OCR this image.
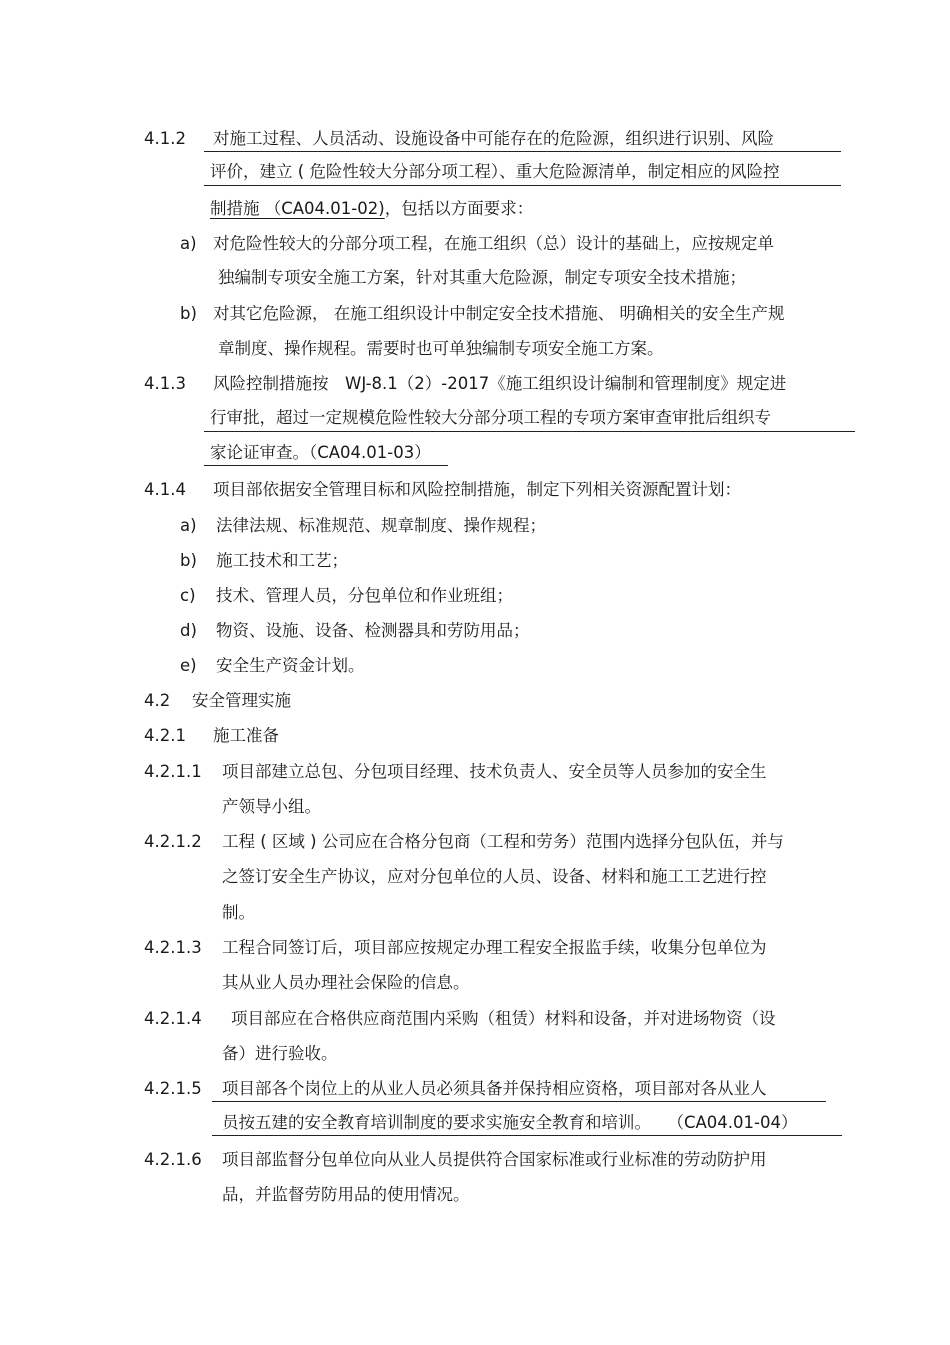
4.1.2 对施工过程、人员活动、设施设备中可能存在的危险源，组织进行识别、风险
评价，建立 ( 危险性较大分部分项工程）、重大危险源清单，制定相应的风险控
制措施 （CA04.01-02)，包括以方面要求：
a) 对危险性较大的分部分项工程，在施工组织（总）设计的基础上，应按规定单
独编制专项安全施工方案，针对其重大危险源，制定专项安全技术措施；
b) 对其它危险源， 在施工组织设计中制定安全技术措施、 明确相关的安全生产规
章制度、操作规程。需要时也可单独编制专项安全施工方案。
4.1.3 风险控制措施按　WJ-8.1（2）-2017《施工组织设计编制和管理制度》规定进
行审批，超过一定规模危险性较大分部分项工程的专项方案审查审批后组织专
家论证审查。（CA04.01-03）
4.1.4 项目部依据安全管理目标和风险控制措施，制定下列相关资源配置计划：
a) 法律法规、标准规范、规章制度、操作规程；
b) 施工技术和工艺；
c) 技术、管理人员，分包单位和作业班组；
d) 物资、设施、设备、检测器具和劳防用品；
e) 安全生产资金计划。
4.2 安全管理实施
4.2.1 施工准备
4.2.1.1 项目部建立总包、分包项目经理、技术负责人、安全员等人员参加的安全生
产领导小组。
4.2.1.2 工程 ( 区域 ) 公司应在合格分包商（工程和劳务）范围内选择分包队伍，并与
之签订安全生产协议，应对分包单位的人员、设备、材料和施工工艺进行控
制。
4.2.1.3 工程合同签订后，项目部应按规定办理工程安全报监手续，收集分包单位为
其从业人员办理社会保险的信息。
4.2.1.4 项目部应在合格供应商范围内采购（租赁）材料和设备，并对进场物资（设
备）进行验收。
4.2.1.5 项目部各个岗位上的从业人员必须具备并保持相应资格，项目部对各从业人
员按五建的安全教育培训制度的要求实施安全教育和培训。　　（CA04.01-04）
4.2.1.6 项目部监督分包单位向从业人员提供符合国家标准或行业标准的劳动防护用
品，并监督劳防用品的使用情况。
